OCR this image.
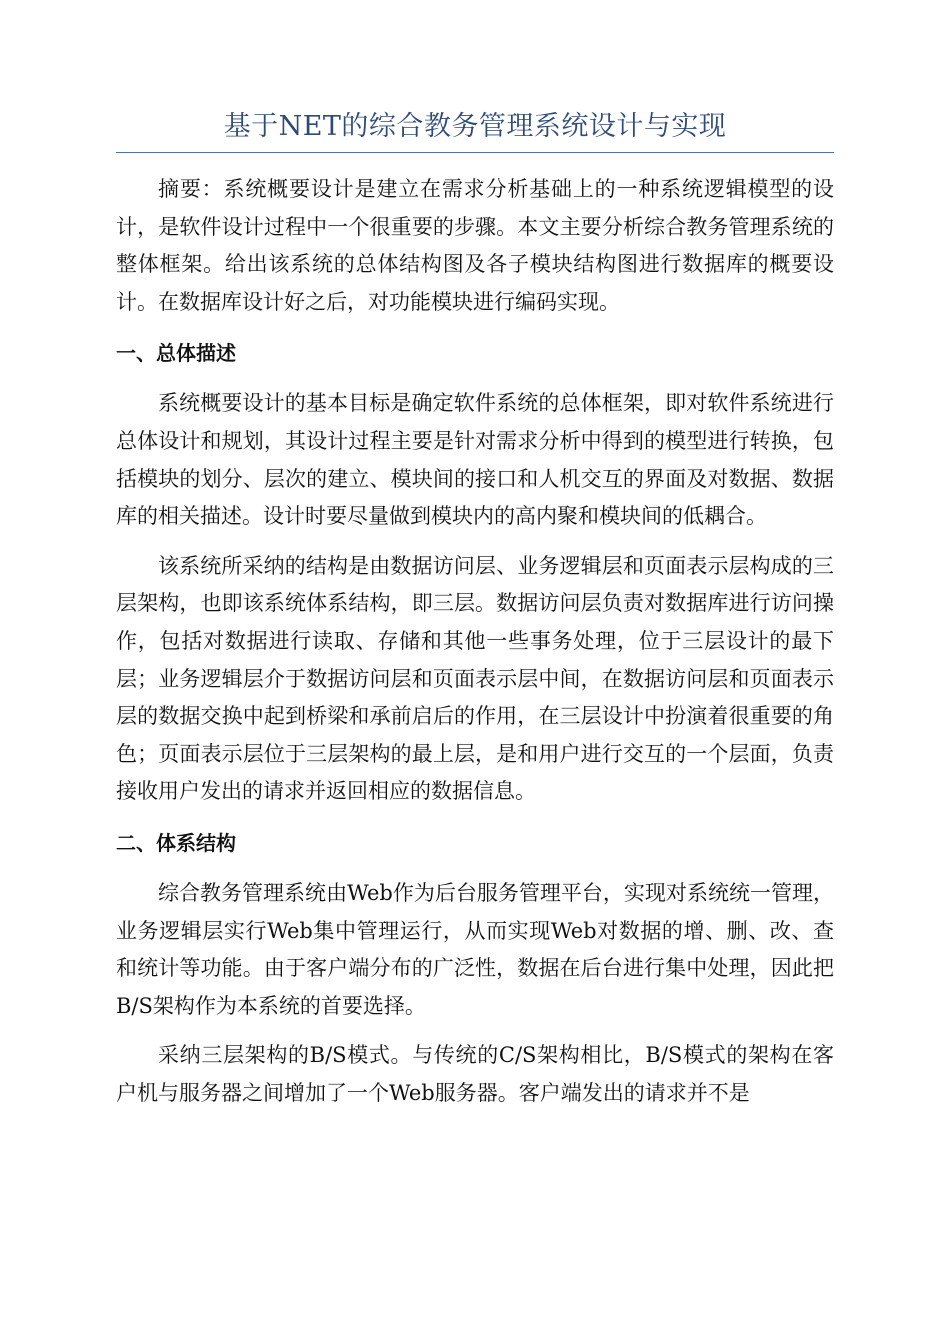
基于NET的综合教务管理系统设计与实现

摘要：系统概要设计是建立在需求分析基础上的一种系统逻辑模型的设计，是软件设计过程中一个很重要的步骤。本文主要分析综合教务管理系统的整体框架。给出该系统的总体结构图及各子模块结构图进行数据库的概要设计。在数据库设计好之后，对功能模块进行编码实现。

一、总体描述

系统概要设计的基本目标是确定软件系统的总体框架，即对软件系统进行总体设计和规划，其设计过程主要是针对需求分析中得到的模型进行转换，包括模块的划分、层次的建立、模块间的接口和人机交互的界面及对数据、数据库的相关描述。设计时要尽量做到模块内的高内聚和模块间的低耦合。

该系统所采纳的结构是由数据访问层、业务逻辑层和页面表示层构成的三层架构，也即该系统体系结构，即三层。数据访问层负责对数据库进行访问操作，包括对数据进行读取、存储和其他一些事务处理，位于三层设计的最下层；业务逻辑层介于数据访问层和页面表示层中间，在数据访问层和页面表示层的数据交换中起到桥梁和承前启后的作用，在三层设计中扮演着很重要的角色；页面表示层位于三层架构的最上层，是和用户进行交互的一个层面，负责接收用户发出的请求并返回相应的数据信息。

二、体系结构

综合教务管理系统由Web作为后台服务管理平台，实现对系统统一管理，业务逻辑层实行Web集中管理运行，从而实现Web对数据的增、删、改、查和统计等功能。由于客户端分布的广泛性，数据在后台进行集中处理，因此把B/S架构作为本系统的首要选择。

采纳三层架构的B/S模式。与传统的C/S架构相比，B/S模式的架构在客户机与服务器之间增加了一个Web服务器。客户端发出的请求并不是
